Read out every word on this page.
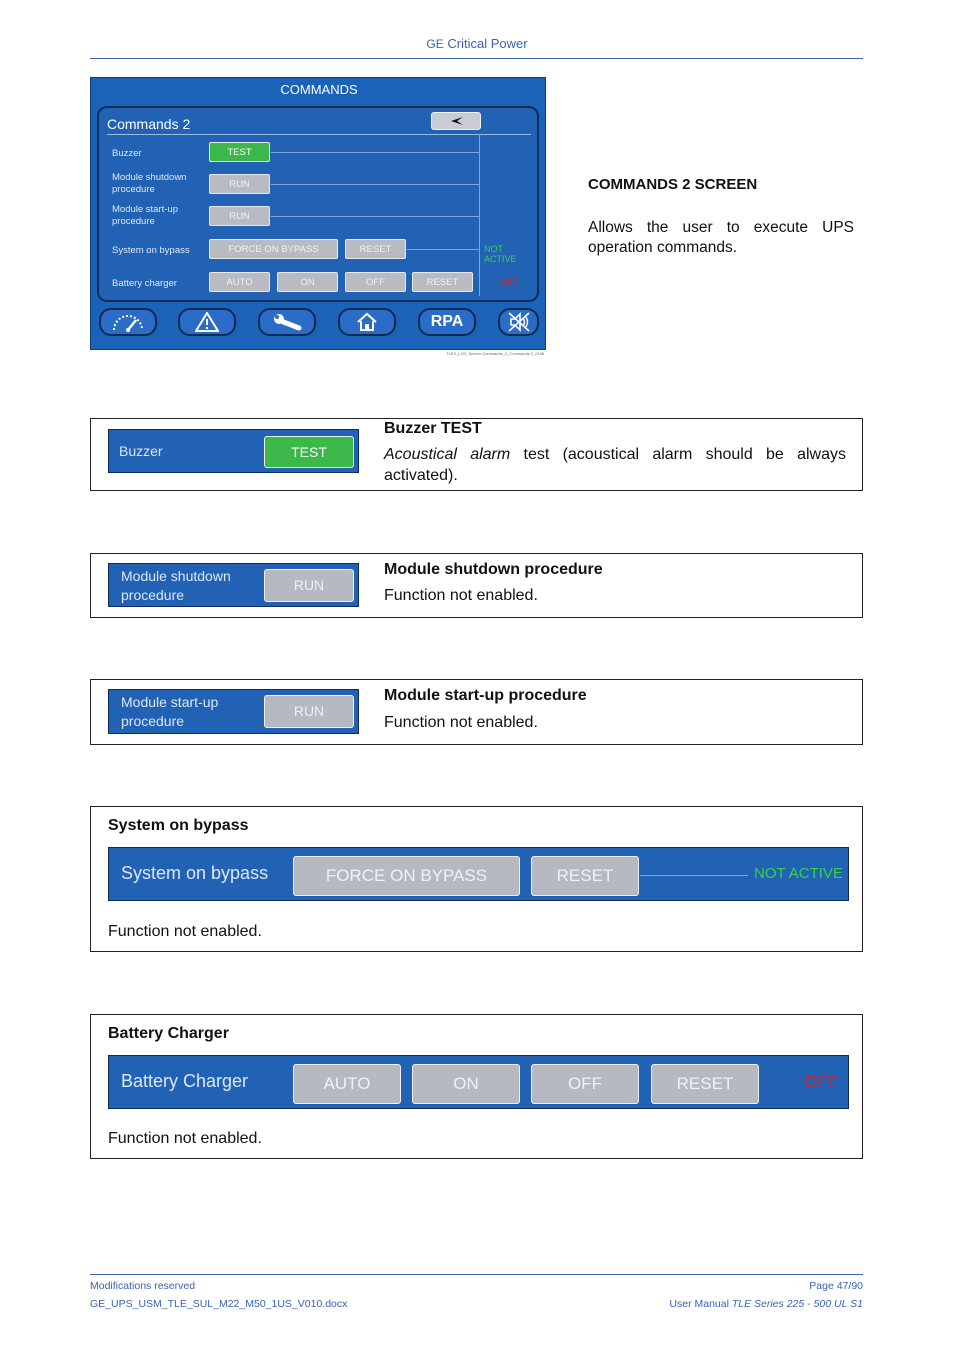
GE Critical Power
COMMANDS
Commands 2
Buzzer	TEST
Module shutdown
procedure	RUN
Module start-up
procedure	RUN
System on bypass	FORCE ON BYPASS	RESET	NOT ACTIVE
Battery charger	AUTO	ON	OFF	RESET	OFF
RPA
TLES_LCD_Screen Commands_2_Commands 2_0108
COMMANDS 2 SCREEN
Allows the user to execute UPS operation commands.
Buzzer	TEST
Buzzer TEST
Acoustical alarm test (acoustical alarm should be always activated).
Module shutdown
procedure
RUN
Module shutdown procedure
Function not enabled.
Module start-up
procedure
RUN
Module start-up procedure
Function not enabled.
System on bypass
System on bypass	FORCE ON BYPASS	RESET	NOT ACTIVE
Function not enabled.
Battery Charger
Battery Charger	AUTO	ON	OFF	RESET	OFF
Function not enabled.
Modifications reserved
GE_UPS_USM_TLE_SUL_M22_M50_1US_V010.docx
Page 47/90
User Manual TLE Series 225 - 500 UL S1
